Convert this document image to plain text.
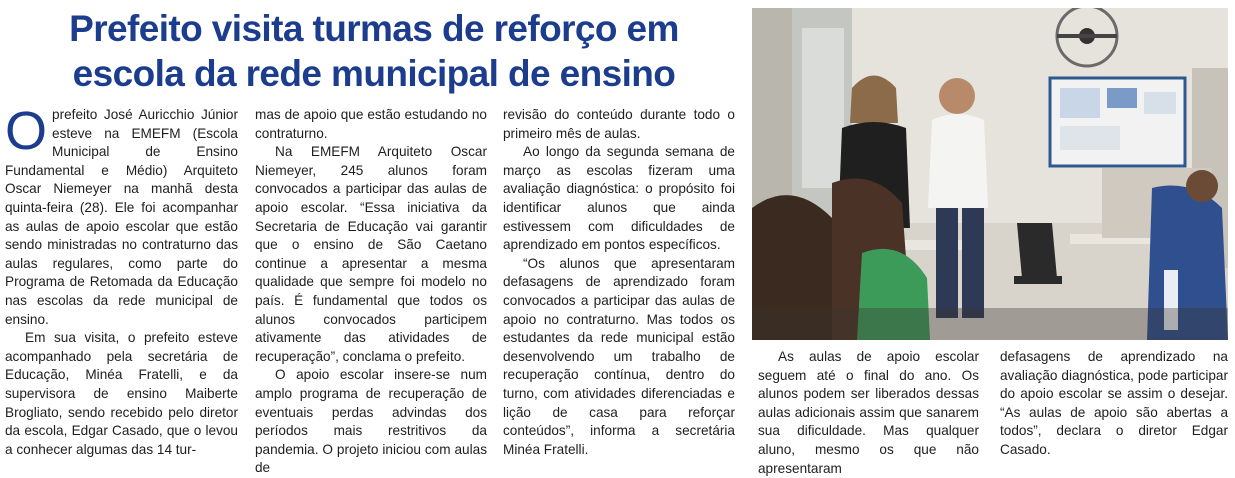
Prefeito visita turmas de reforço em escola da rede municipal de ensino

Oprefeito José Auricchio Júnior esteve na EMEFM (Escola Municipal de Ensino Fundamental e Médio) Arquiteto Oscar Niemeyer na manhã desta quinta-feira (28). Ele foi acompanhar as aulas de apoio escolar que estão sendo ministradas no contraturno das aulas regulares, como parte do Programa de Retomada da Educação nas escolas da rede municipal de ensino.

Em sua visita, o prefeito esteve acompanhado pela secretária de Educação, Minéa Fratelli, e da supervisora de ensino Maiberte Brogliato, sendo recebido pelo diretor da escola, Edgar Casado, que o levou a conhecer algumas das 14 tur-

mas de apoio que estão estudando no contraturno.

Na EMEFM Arquiteto Oscar Niemeyer, 245 alunos foram convocados a participar das aulas de apoio escolar. “Essa iniciativa da Secretaria de Educação vai garantir que o ensino de São Caetano continue a apresentar a mesma qualidade que sempre foi modelo no país. É fundamental que todos os alunos convocados participem ativamente das atividades de recuperação”, conclama o prefeito.

O apoio escolar insere-se num amplo programa de recuperação de eventuais perdas advindas dos períodos mais restritivos da pandemia. O projeto iniciou com aulas de

revisão do conteúdo durante todo o primeiro mês de aulas.

Ao longo da segunda semana de março as escolas fizeram uma avaliação diagnóstica: o propósito foi identificar alunos que ainda estivessem com dificuldades de aprendizado em pontos específicos.

“Os alunos que apresentaram defasagens de aprendizado foram convocados a participar das aulas de apoio no contraturno. Mas todos os estudantes da rede municipal estão desenvolvendo um trabalho de recuperação contínua, dentro do turno, com atividades diferenciadas e lição de casa para reforçar conteúdos”, informa a secretária Minéa Fratelli.

As aulas de apoio escolar seguem até o final do ano. Os alunos podem ser liberados dessas aulas adicionais assim que sanarem sua dificuldade. Mas qualquer aluno, mesmo os que não apresentaram

defasagens de aprendizado na avaliação diagnóstica, pode participar do apoio escolar se assim o desejar. “As aulas de apoio são abertas a todos”, declara o diretor Edgar Casado.
